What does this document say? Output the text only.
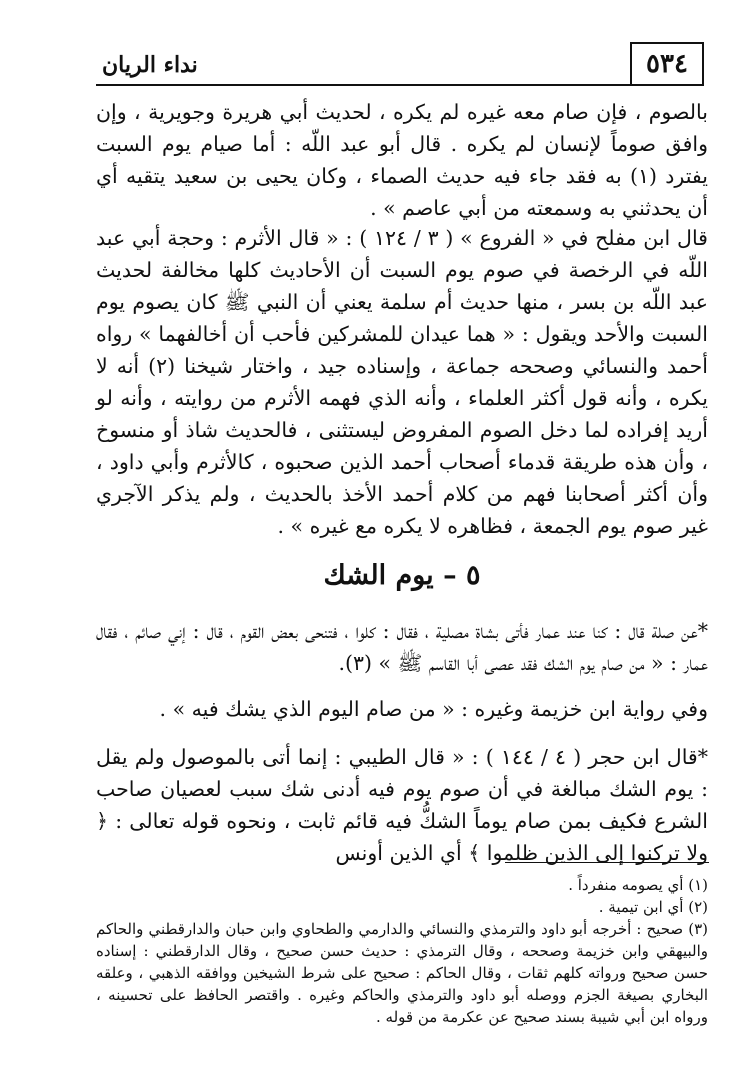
نداء الريان	٥٣٤

بالصوم ، فإن صام معه غيره لم يكره ، لحديث أبي هريرة وجويرية ، وإن وافق صوماً لإنسان لم يكره . قال أبو عبد اللّه : أما صيام يوم السبت يفترد (١) به فقد جاء فيه حديث الصماء ، وكان يحيى بن سعيد يتقيه أي أن يحدثني به وسمعته من أبي عاصم » .

قال ابن مفلح في « الفروع » ( ٣ / ١٢٤ ) : « قال الأثرم : وحجة أبي عبد اللّه في الرخصة في صوم يوم السبت أن الأحاديث كلها مخالفة لحديث عبد اللّه بن بسر ، منها حديث أم سلمة يعني أن النبي ﷺ كان يصوم يوم السبت والأحد ويقول : « هما عيدان للمشركين فأحب أن أخالفهما » رواه أحمد والنسائي وصححه جماعة ، وإسناده جيد ، واختار شيخنا (٢) أنه لا يكره ، وأنه قول أكثر العلماء ، وأنه الذي فهمه الأثرم من روايته ، وأنه لو أريد إفراده لما دخل الصوم المفروض ليستثنى ، فالحديث شاذ أو منسوخ ، وأن هذه طريقة قدماء أصحاب أحمد الذين صحبوه ، كالأثرم وأبي داود ، وأن أكثر أصحابنا فهم من كلام أحمد الأخذ بالحديث ، ولم يذكر الآجري غير صوم يوم الجمعة ، فظاهره لا يكره مع غيره » .

٥ – يوم الشك

*عن صلة قال : كنا عند عمار فأتى بشاة مصلية ، فقال : كلوا ، فتنحى بعض القوم ، قال : إني صائم ، فقال عمار : « من صام يوم الشك فقد عصى أبا القاسم ﷺ » (٣).

وفي رواية ابن خزيمة وغيره : « من صام اليوم الذي يشك فيه » .

*قال ابن حجر ( ٤ / ١٤٤ ) : « قال الطيبي : إنما أتى بالموصول ولم يقل : يوم الشك مبالغة في أن صوم يوم فيه أدنى شك سبب لعصيان صاحب الشرع فكيف بمن صام يوماً الشكُّ فيه قائم ثابت ، ونحوه قوله تعالى : ﴿ ولا تركنوا إلى الذين ظلموا ﴾ أي الذين أونس

(١) أي يصومه منفرداً .

(٢) أي ابن تيمية .

(٣) صحيح : أخرجه أبو داود والترمذي والنسائي والدارمي والطحاوي وابن حبان والدارقطني والحاكم والبيهقي وابن خزيمة وصححه ، وقال الترمذي : حديث حسن صحيح ، وقال الدارقطني : إسناده حسن صحيح ورواته كلهم ثقات ، وقال الحاكم : صحيح على شرط الشيخين ووافقه الذهبي ، وعلقه البخاري بصيغة الجزم ووصله أبو داود والترمذي والحاكم وغيره . واقتصر الحافظ على تحسينه ، ورواه ابن أبي شيبة بسند صحيح عن عكرمة من قوله .
